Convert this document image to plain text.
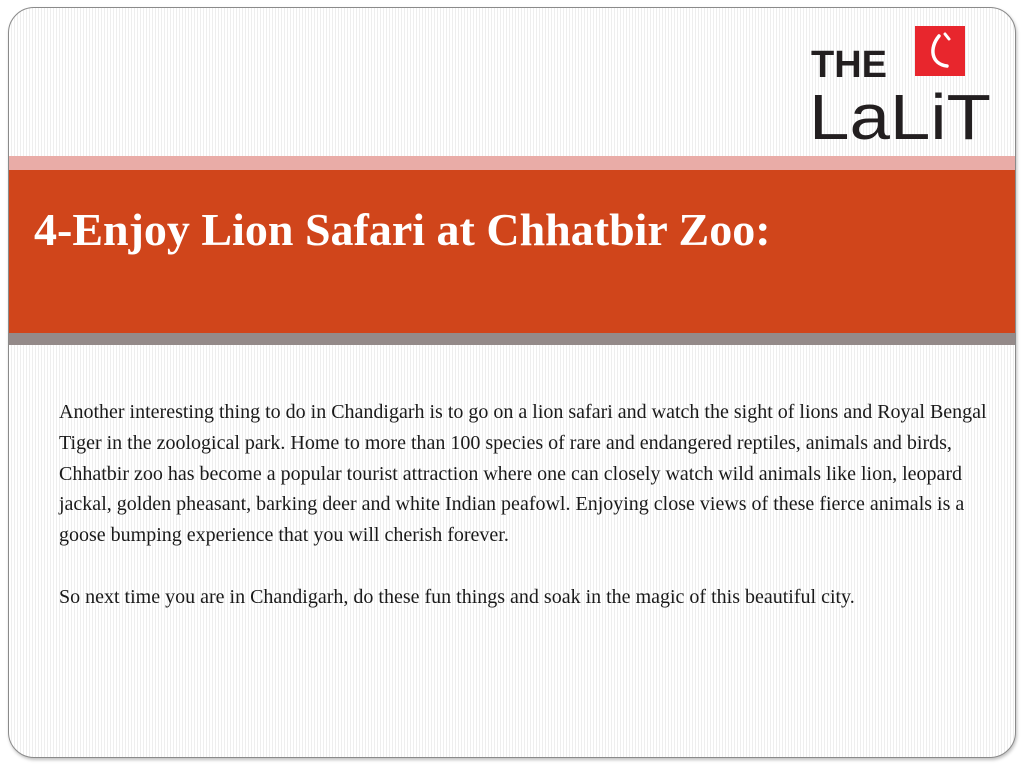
THE
LaLiT
4-Enjoy Lion Safari at Chhatbir Zoo:

Another interesting thing to do in Chandigarh is to go on a lion safari and watch the sight of lions and Royal Bengal Tiger in the zoological park. Home to more than 100 species of rare and endangered reptiles, animals and birds, Chhatbir zoo has become a popular tourist attraction where one can closely watch wild animals like lion, leopard jackal, golden pheasant, barking deer and white Indian peafowl. Enjoying close views of these fierce animals is a goose bumping experience that you will cherish forever.

So next time you are in Chandigarh, do these fun things and soak in the magic of this beautiful city.
